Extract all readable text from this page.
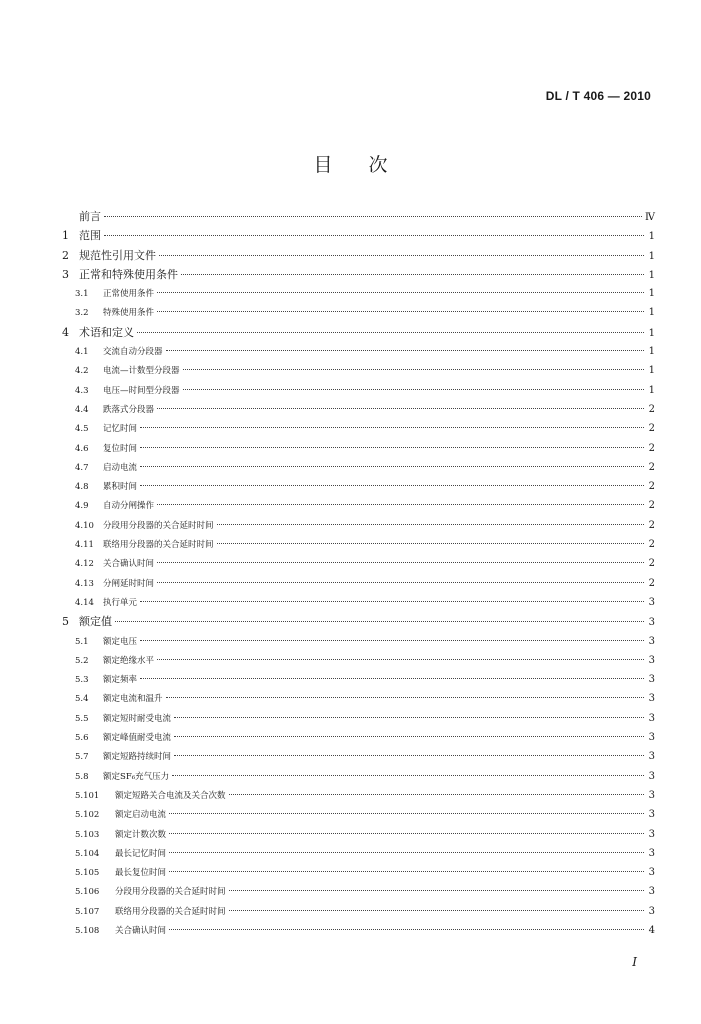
DL / T 406 — 2010
目 次
前言	Ⅳ
1 范围	1
2 规范性引用文件	1
3 正常和特殊使用条件	1
3.1	正常使用条件	1
3.2	特殊使用条件	1
4 术语和定义	1
4.1	交流自动分段器	1
4.2	电流—计数型分段器	1
4.3	电压—时间型分段器	1
4.4	跌落式分段器	2
4.5	记忆时间	2
4.6	复位时间	2
4.7	启动电流	2
4.8	累积时间	2
4.9	自动分闸操作	2
4.10	分段用分段器的关合延时时间	2
4.11	联络用分段器的关合延时时间	2
4.12	关合确认时间	2
4.13	分闸延时时间	2
4.14	执行单元	3
5 额定值	3
5.1	额定电压	3
5.2	额定绝缘水平	3
5.3	额定频率	3
5.4	额定电流和温升	3
5.5	额定短时耐受电流	3
5.6	额定峰值耐受电流	3
5.7	额定短路持续时间	3
5.8	额定SF₆充气压力	3
5.101	额定短路关合电流及关合次数	3
5.102	额定启动电流	3
5.103	额定计数次数	3
5.104	最长记忆时间	3
5.105	最长复位时间	3
5.106	分段用分段器的关合延时时间	3
5.107	联络用分段器的关合延时时间	3
5.108	关合确认时间	4
I
